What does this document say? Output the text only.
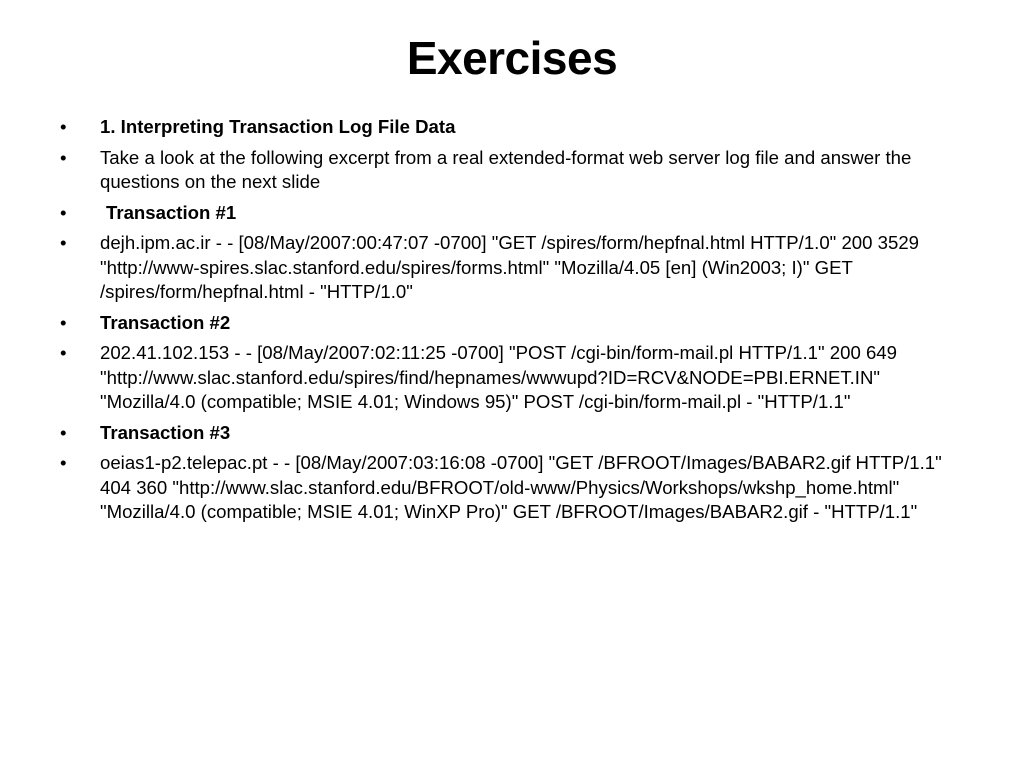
Exercises
•	1. Interpreting Transaction Log File Data
•	Take a look at the following excerpt from a real extended-format web server log file and answer the questions on the next slide
•	Transaction #1
•	dejh.ipm.ac.ir - - [08/May/2007:00:47:07 -0700] "GET /spires/form/hepfnal.html HTTP/1.0" 200 3529 "http://www-spires.slac.stanford.edu/spires/forms.html" "Mozilla/4.05 [en] (Win2003; I)" GET /spires/form/hepfnal.html - "HTTP/1.0"
•	Transaction #2
•	202.41.102.153 - - [08/May/2007:02:11:25 -0700] "POST /cgi-bin/form-mail.pl HTTP/1.1" 200 649 "http://www.slac.stanford.edu/spires/find/hepnames/wwwupd?ID=RCV&NODE=PBI.ERNET.IN" "Mozilla/4.0 (compatible; MSIE 4.01; Windows 95)" POST /cgi-bin/form-mail.pl - "HTTP/1.1"
•	Transaction #3
•	oeias1-p2.telepac.pt - - [08/May/2007:03:16:08 -0700] "GET /BFROOT/Images/BABAR2.gif HTTP/1.1" 404 360 "http://www.slac.stanford.edu/BFROOT/old-www/Physics/Workshops/wkshp_home.html" "Mozilla/4.0 (compatible; MSIE 4.01; WinXP Pro)" GET /BFROOT/Images/BABAR2.gif - "HTTP/1.1"
